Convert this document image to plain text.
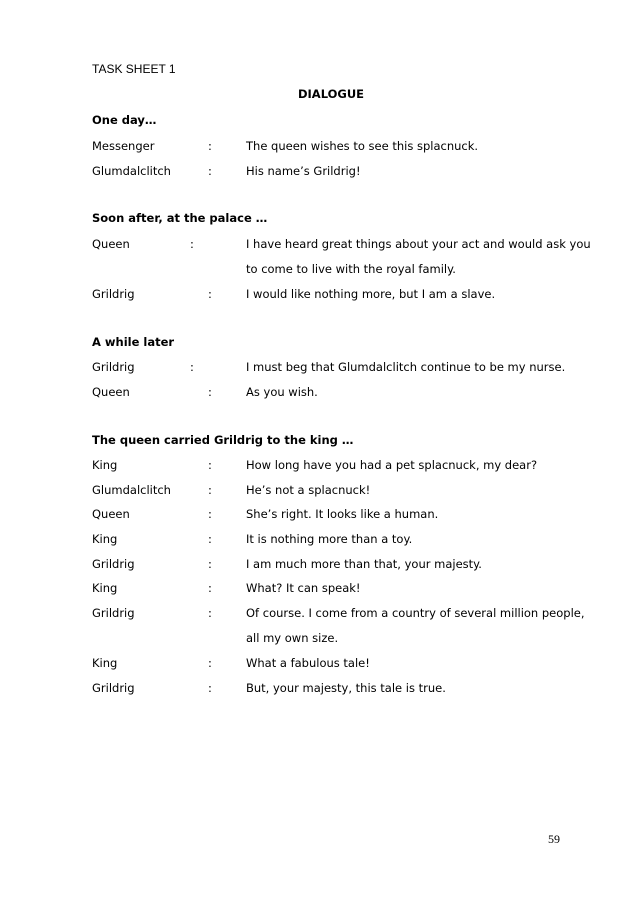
TASK SHEET 1
DIALOGUE
One day…
Messenger	:	The queen wishes to see this splacnuck.
Glumdalclitch	:	His name’s Grildrig!
Soon after, at the palace …
Queen	:	I have heard great things about your act and would ask you
to come to live with the royal family.
Grildrig	:	I would like nothing more, but I am a slave.
A while later
Grildrig	:	I must beg that Glumdalclitch continue to be my nurse.
Queen	:	As you wish.
The queen carried Grildrig to the king …
King	:	How long have you had a pet splacnuck, my dear?
Glumdalclitch	:	He’s not a splacnuck!
Queen	:	She’s right. It looks like a human.
King	:	It is nothing more than a toy.
Grildrig	:	I am much more than that, your majesty.
King	:	What? It can speak!
Grildrig	:	Of course. I come from a country of several million people,
all my own size.
King	:	What a fabulous tale!
Grildrig	:	But, your majesty, this tale is true.
59
